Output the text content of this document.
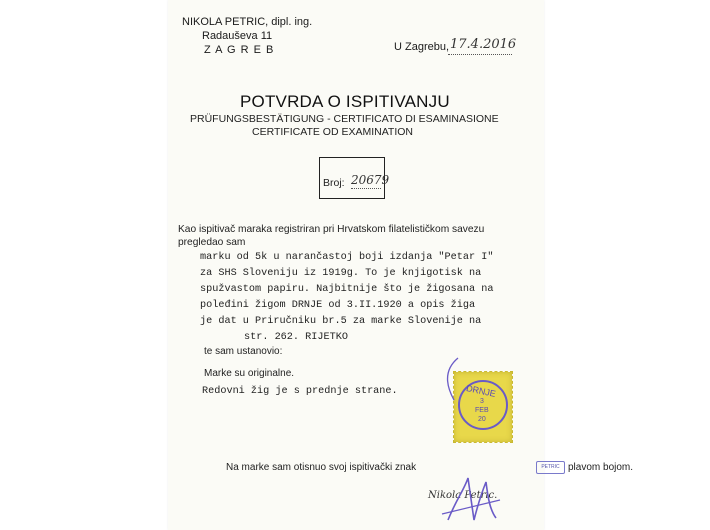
NIKOLA PETRIC, dipl. ing.
Radauševa 11
Z A G R E B	U Zagrebu, 17.4.2016
POTVRDA O ISPITIVANJU
PRÜFUNGSBESTÄTIGUNG - CERTIFICATO DI ESAMINASIONE
CERTIFICATE OD EXAMINATION
Broj: 20679
Kao ispitivač maraka registriran pri Hrvatskom filatelističkom savezu
pregledao sam
marku od 5k u narančastoj boji izdanja "Petar I"
za SHS Sloveniju iz 1919g. To je knjigotisk na
spužvastom papiru. Najbitnije što je žigosana na
poleđini žigom DRNJE od 3.II.1920 a opis žiga
je dat u Priručniku br.5 za marke Slovenije na
str. 262. RIJETKO
te sam ustanovio:
Marke su originalne.
Redovni žig je s prednje strane.
Na marke sam otisnuo svoj ispitivački znak	PETRIC plavom bojom.
Nikola Petric.
DRNJE
3
FEB
20
